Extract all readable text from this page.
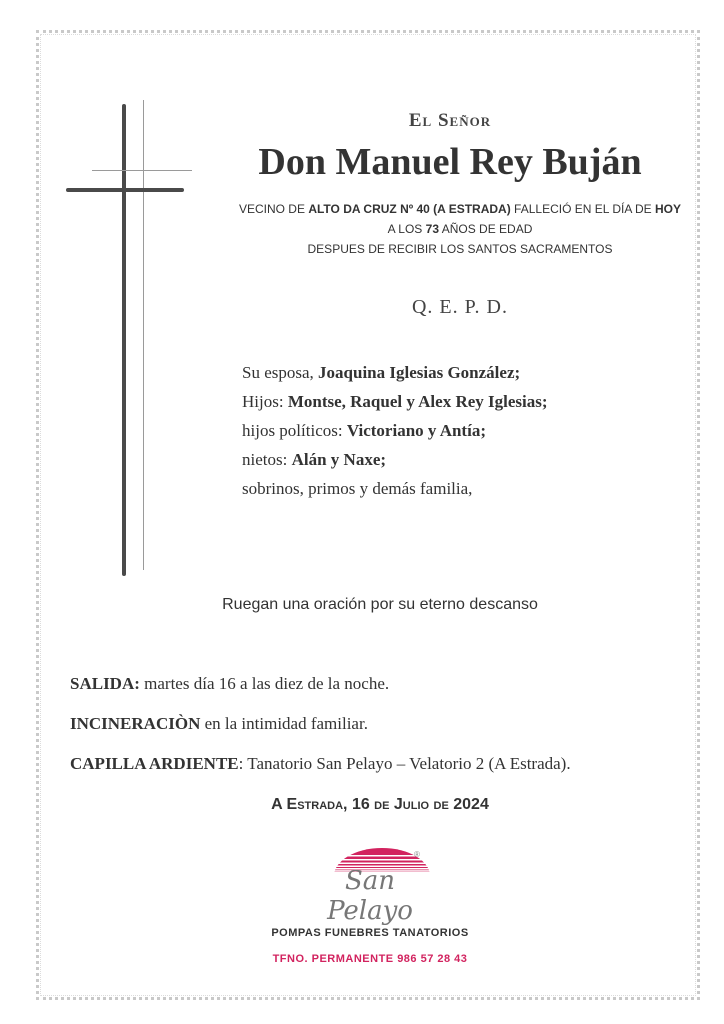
El Señor
Don Manuel Rey Buján
VECINO DE ALTO DA CRUZ Nº 40 (A ESTRADA) FALLECIÓ EN EL DÍA DE HOY
A LOS 73 AÑOS DE EDAD
DESPUES DE RECIBIR LOS SANTOS SACRAMENTOS
Q. E. P. D.
Su esposa, Joaquina Iglesias González;
Hijos: Montse, Raquel y Alex Rey Iglesias;
hijos políticos: Victoriano y Antía;
nietos: Alán y Naxe;
sobrinos, primos y demás familia,
Ruegan una oración por su eterno descanso
SALIDA: martes día 16 a las diez de la noche.
INCINERACIÒN en la intimidad familiar.
CAPILLA ARDIENTE: Tanatorio San Pelayo – Velatorio 2 (A Estrada).
A Estrada, 16 de Julio de 2024
San Pelayo
®
POMPAS FUNEBRES TANATORIOS
TFNO. PERMANENTE 986 57 28 43
